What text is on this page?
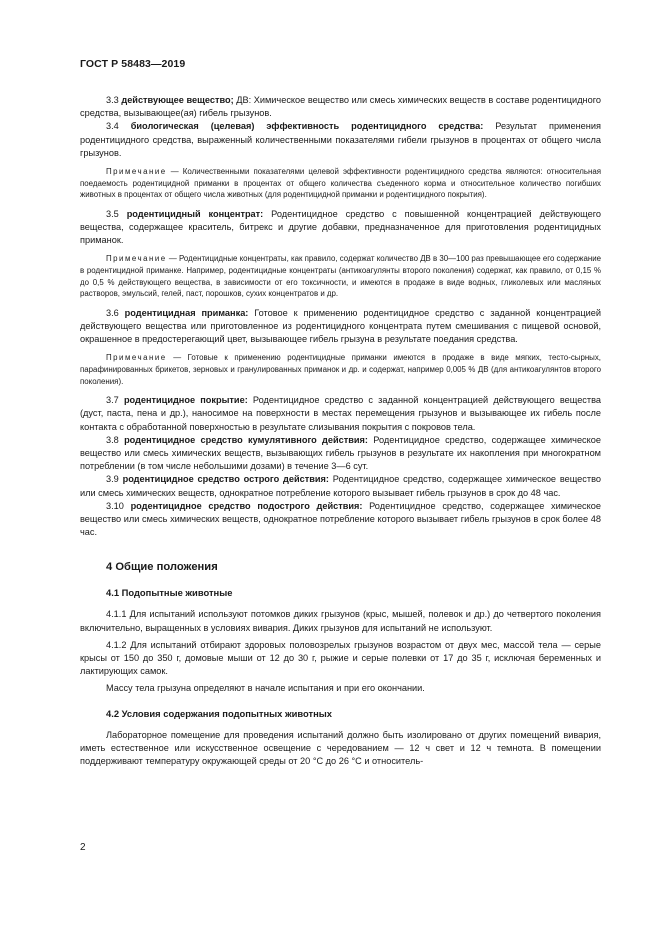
ГОСТ Р 58483—2019

3.3 действующее вещество; ДВ: Химическое вещество или смесь химических веществ в составе родентицидного средства, вызывающее(ая) гибель грызунов.

3.4 биологическая (целевая) эффективность родентицидного средства: Результат применения родентицидного средства, выраженный количественными показателями гибели грызунов в процентах от общего числа грызунов.

Примечание — Количественными показателями целевой эффективности родентицидного средства являются: относительная поедаемость родентицидной приманки в процентах от общего количества съеденного корма и относительное количество погибших животных в процентах от общего числа животных (для родентицидной приманки и родентицидного покрытия).

3.5 родентицидный концентрат: Родентицидное средство с повышенной концентрацией действующего вещества, содержащее краситель, битрекс и другие добавки, предназначенное для приготовления родентицидных приманок.

Примечание — Родентицидные концентраты, как правило, содержат количество ДВ в 30—100 раз превышающее его содержание в родентицидной приманке. Например, родентицидные концентраты (антикоагулянты второго поколения) содержат, как правило, от 0,15 % до 0,5 % действующего вещества, в зависимости от его токсичности, и имеются в продаже в виде водных, гликолевых или масляных растворов, эмульсий, гелей, паст, порошков, сухих концентратов и др.

3.6 родентицидная приманка: Готовое к применению родентицидное средство с заданной концентрацией действующего вещества или приготовленное из родентицидного концентрата путем смешивания с пищевой основой, окрашенное в предостерегающий цвет, вызывающее гибель грызуна в результате поедания средства.

Примечание — Готовые к применению родентицидные приманки имеются в продаже в виде мягких, тесто-сырных, парафинированных брикетов, зерновых и гранулированных приманок и др. и содержат, например 0,005 % ДВ (для антикоагулянтов второго поколения).

3.7 родентицидное покрытие: Родентицидное средство с заданной концентрацией действующего вещества (дуст, паста, пена и др.), наносимое на поверхности в местах перемещения грызунов и вызывающее их гибель после контакта с обработанной поверхностью в результате слизывания покрытия с покровов тела.

3.8 родентицидное средство кумулятивного действия: Родентицидное средство, содержащее химическое вещество или смесь химических веществ, вызывающих гибель грызунов в результате их накопления при многократном потреблении (в том числе небольшими дозами) в течение 3—6 сут.

3.9 родентицидное средство острого действия: Родентицидное средство, содержащее химическое вещество или смесь химических веществ, однократное потребление которого вызывает гибель грызунов в срок до 48 час.

3.10 родентицидное средство подострого действия: Родентицидное средство, содержащее химическое вещество или смесь химических веществ, однократное потребление которого вызывает гибель грызунов в срок более 48 час.

4 Общие положения
4.1 Подопытные животные

4.1.1 Для испытаний используют потомков диких грызунов (крыс, мышей, полевок и др.) до четвертого поколения включительно, выращенных в условиях вивария. Диких грызунов для испытаний не используют.

4.1.2 Для испытаний отбирают здоровых половозрелых грызунов возрастом от двух мес, массой тела — серые крысы от 150 до 350 г, домовые мыши от 12 до 30 г, рыжие и серые полевки от 17 до 35 г, исключая беременных и лактирующих самок.

Массу тела грызуна определяют в начале испытания и при его окончании.

4.2 Условия содержания подопытных животных

Лабораторное помещение для проведения испытаний должно быть изолировано от других помещений вивария, иметь естественное или искусственное освещение с чередованием — 12 ч свет и 12 ч темнота. В помещении поддерживают температуру окружающей среды от 20 °С до 26 °С и относитель-

2
